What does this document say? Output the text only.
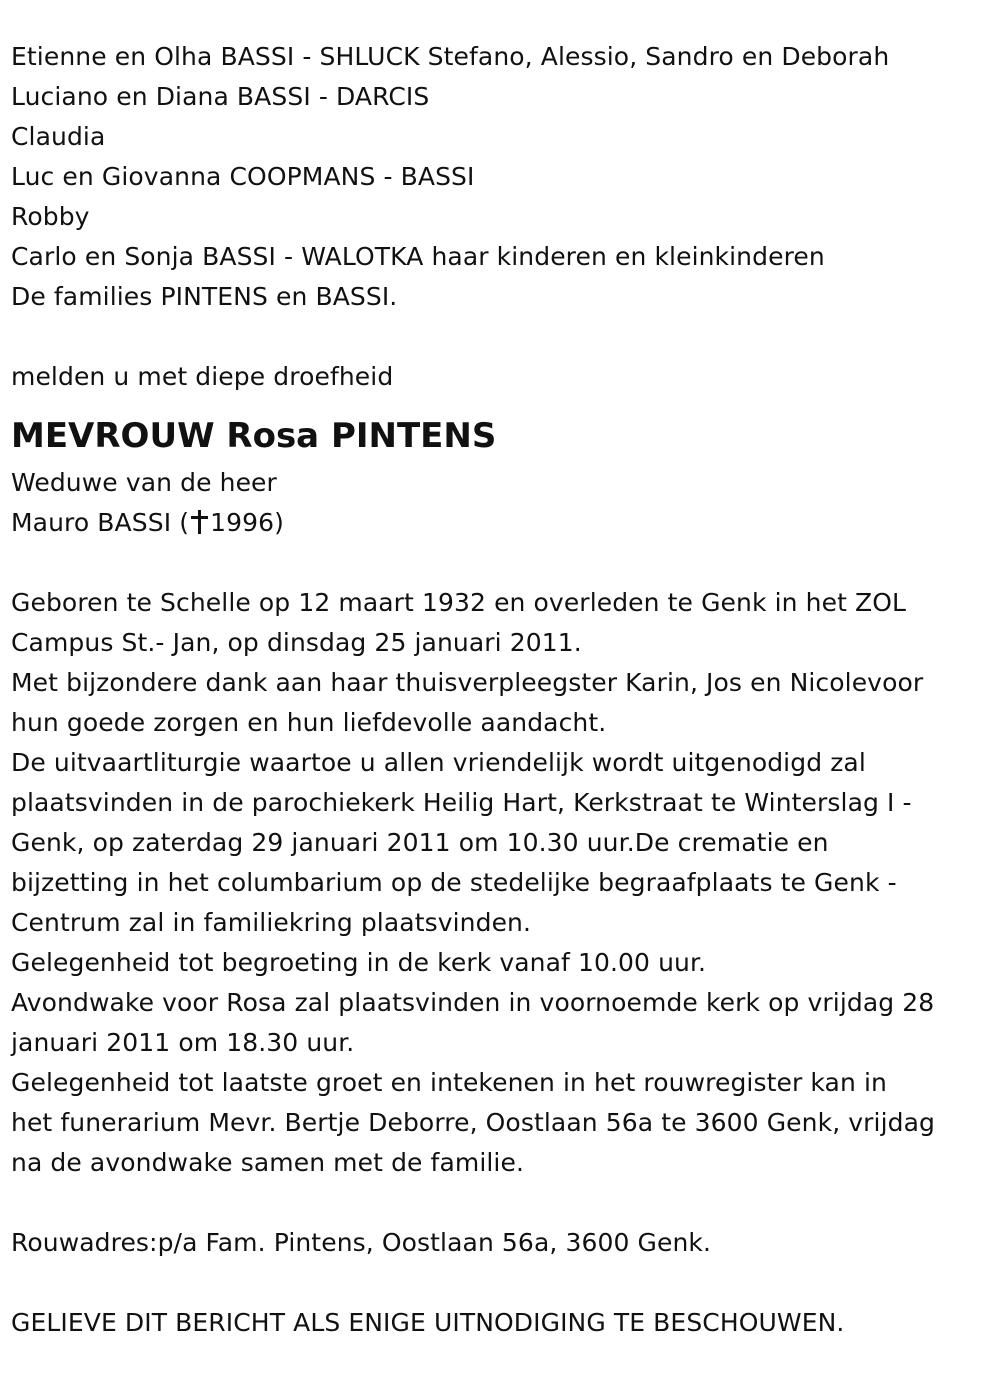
Etienne en Olha BASSI - SHLUCK Stefano, Alessio, Sandro en Deborah
Luciano en Diana BASSI - DARCIS
Claudia
Luc en Giovanna COOPMANS - BASSI
Robby
Carlo en Sonja BASSI - WALOTKA haar kinderen en kleinkinderen
De families PINTENS en BASSI.
melden u met diepe droefheid
MEVROUW Rosa PINTENS
Weduwe van de heer
Mauro BASSI ( 1996)
Geboren te Schelle op 12 maart 1932 en overleden te Genk in het ZOL
Campus St.- Jan, op dinsdag 25 januari 2011.
Met bijzondere dank aan haar thuisverpleegster Karin, Jos en Nicolevoor
hun goede zorgen en hun liefdevolle aandacht.
De uitvaartliturgie waartoe u allen vriendelijk wordt uitgenodigd zal
plaatsvinden in de parochiekerk Heilig Hart, Kerkstraat te Winterslag I -
Genk, op zaterdag 29 januari 2011 om 10.30 uur.De crematie en
bijzetting in het columbarium op de stedelijke begraafplaats te Genk -
Centrum zal in familiekring plaatsvinden.
Gelegenheid tot begroeting in de kerk vanaf 10.00 uur.
Avondwake voor Rosa zal plaatsvinden in voornoemde kerk op vrijdag 28
januari 2011 om 18.30 uur.
Gelegenheid tot laatste groet en intekenen in het rouwregister kan in
het funerarium Mevr. Bertje Deborre, Oostlaan 56a te 3600 Genk, vrijdag
na de avondwake samen met de familie.
Rouwadres:p/a Fam. Pintens, Oostlaan 56a, 3600 Genk.
GELIEVE DIT BERICHT ALS ENIGE UITNODIGING TE BESCHOUWEN.
